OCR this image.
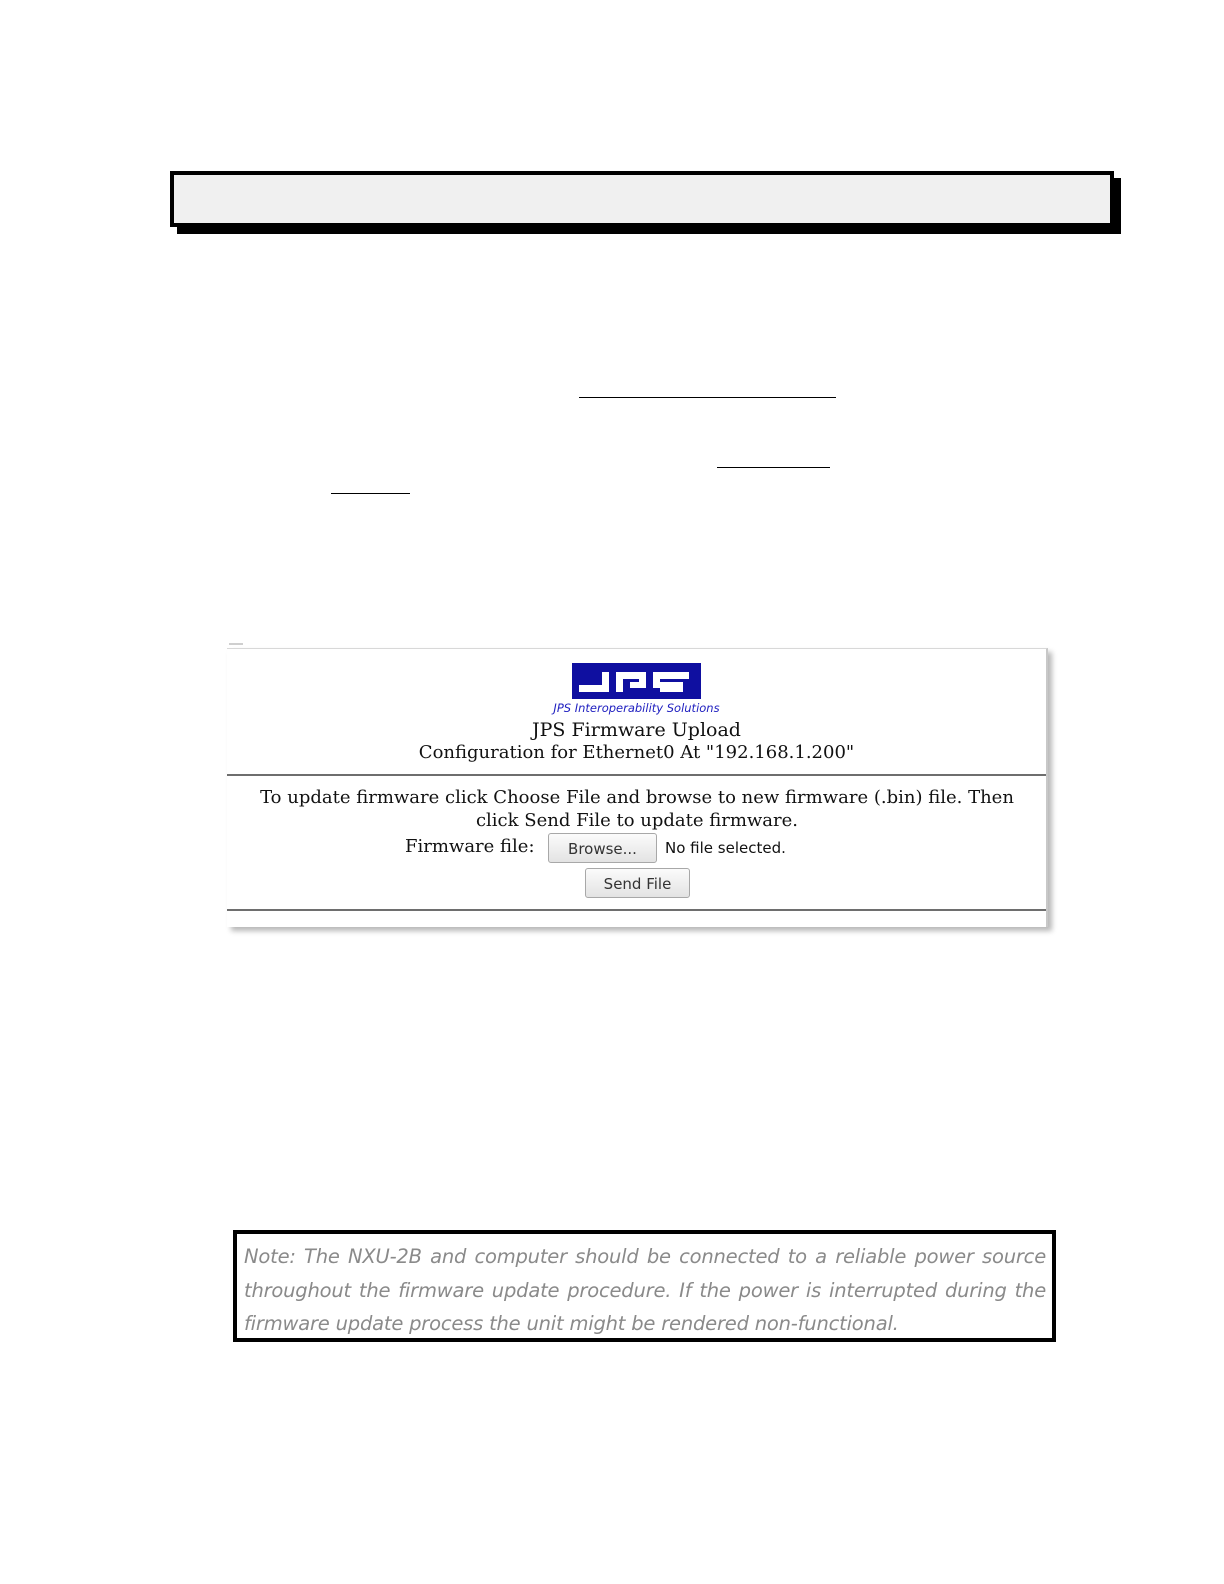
JPS Interoperability Solutions
JPS Firmware Upload
Configuration for Ethernet0 At "192.168.1.200"
To update firmware click Choose File and browse to new firmware (.bin) file. Then click Send File to update firmware.
Firmware file:	Browse...	No file selected.
Send File
Note: The NXU-2B and computer should be connected to a reliable power source throughout the firmware update procedure. If the power is interrupted during the firmware update process the unit might be rendered non-functional.
